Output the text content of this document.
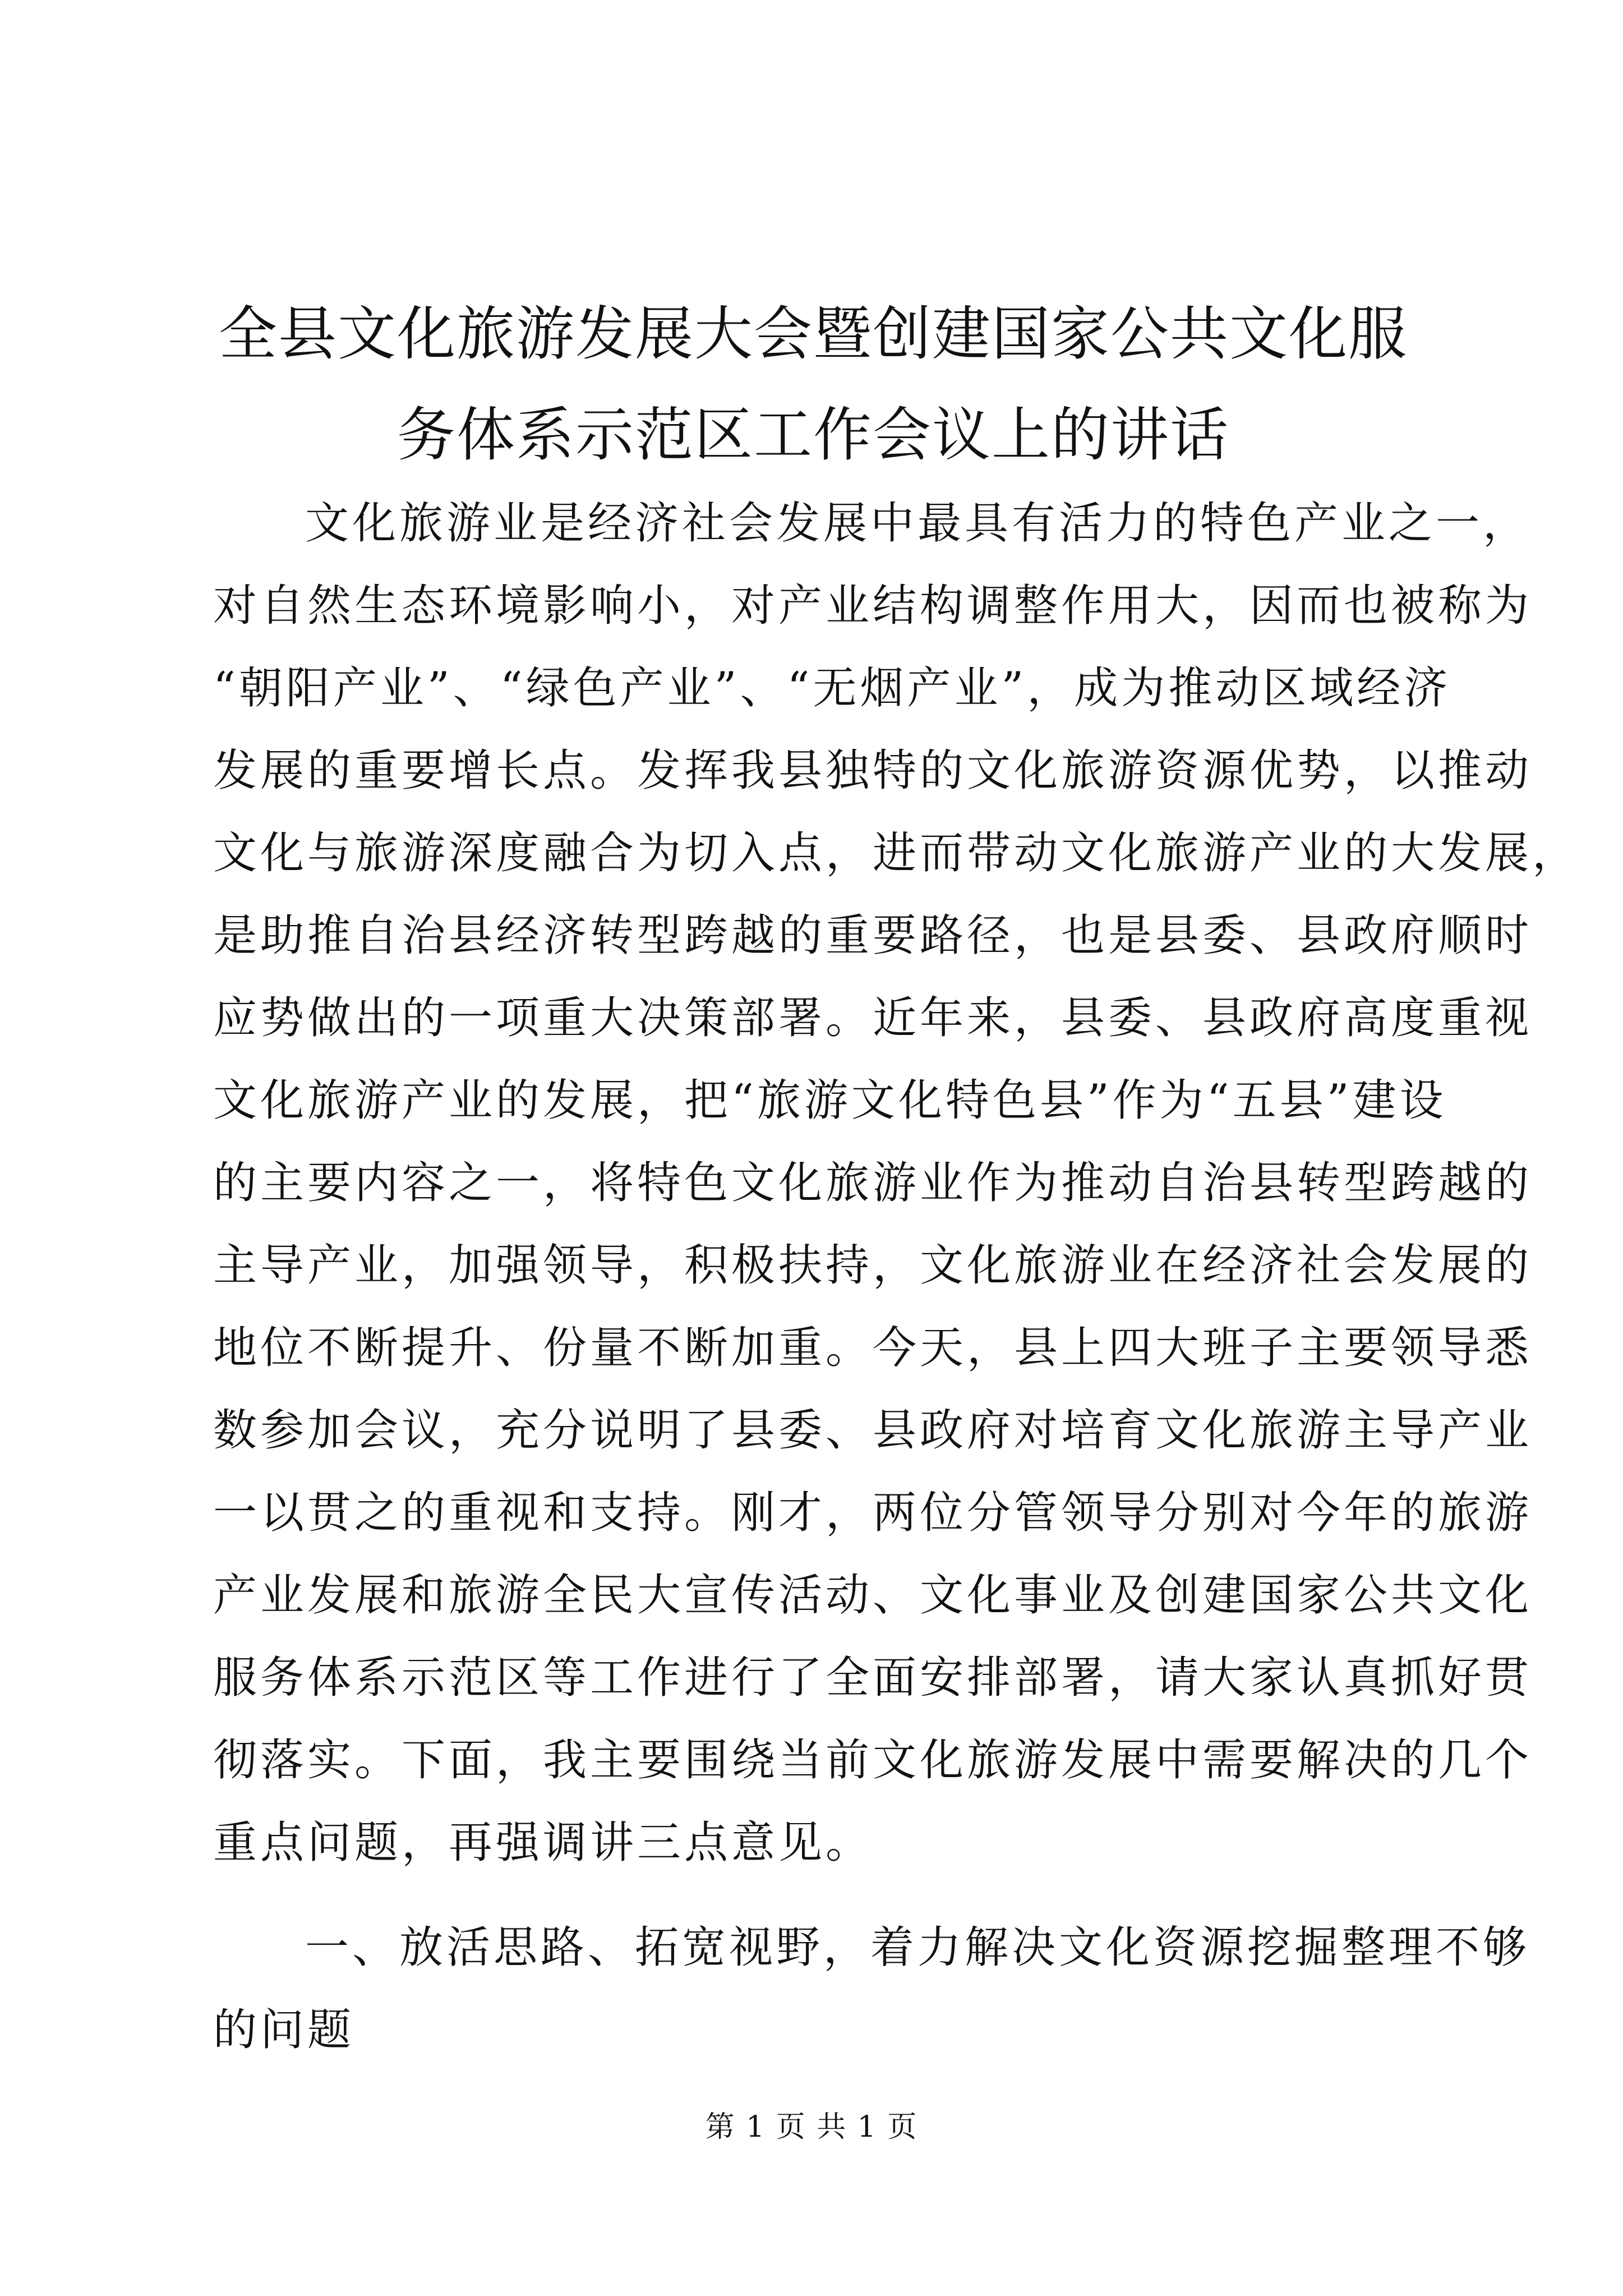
全县文化旅游发展大会暨创建国家公共文化服
务体系示范区工作会议上的讲话
文化旅游业是经济社会发展中最具有活力的特色产业之一，
对自然生态环境影响小，对产业结构调整作用大，因而也被称为
“朝阳产业”、“绿色产业”、“无烟产业”，成为推动区域经济
发展的重要增长点。发挥我县独特的文化旅游资源优势，以推动
文化与旅游深度融合为切入点，进而带动文化旅游产业的大发展，
是助推自治县经济转型跨越的重要路径，也是县委、县政府顺时
应势做出的一项重大决策部署。近年来，县委、县政府高度重视
文化旅游产业的发展，把“旅游文化特色县”作为“五县”建设
的主要内容之一，将特色文化旅游业作为推动自治县转型跨越的
主导产业，加强领导，积极扶持，文化旅游业在经济社会发展的
地位不断提升、份量不断加重。今天，县上四大班子主要领导悉
数参加会议，充分说明了县委、县政府对培育文化旅游主导产业
一以贯之的重视和支持。刚才，两位分管领导分别对今年的旅游
产业发展和旅游全民大宣传活动、文化事业及创建国家公共文化
服务体系示范区等工作进行了全面安排部署，请大家认真抓好贯
彻落实。下面，我主要围绕当前文化旅游发展中需要解决的几个
重点问题，再强调讲三点意见。
一、放活思路、拓宽视野，着力解决文化资源挖掘整理不够
的问题
第 1 页 共 1 页
